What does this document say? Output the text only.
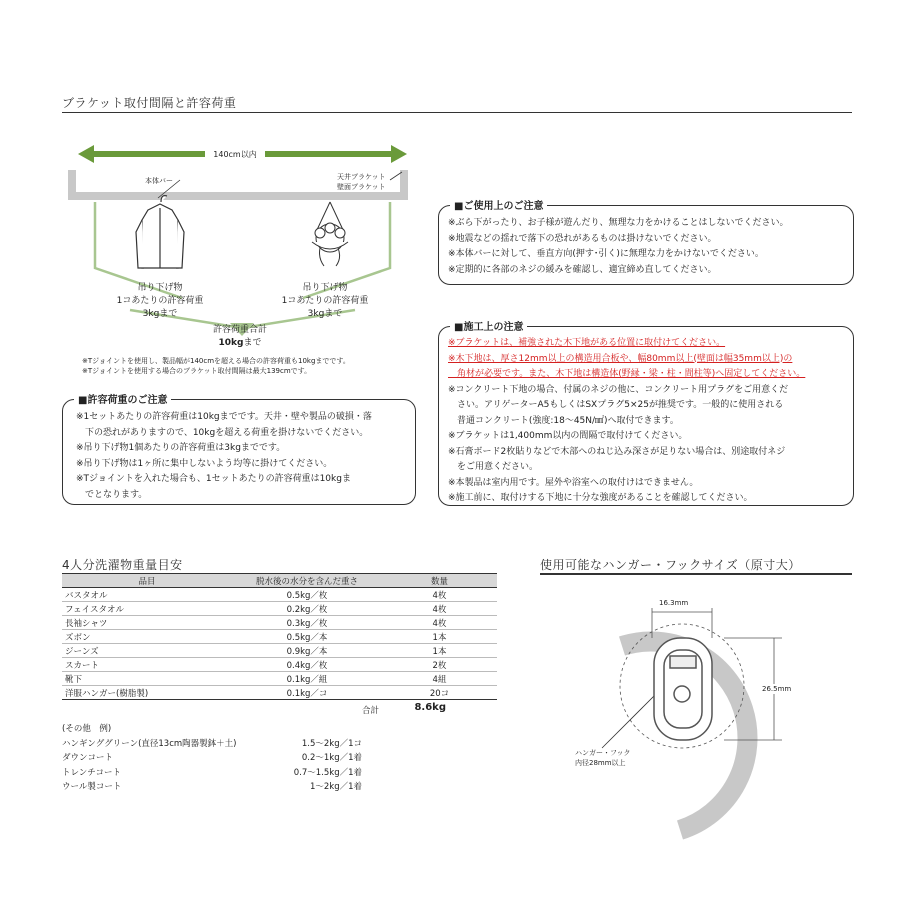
ブラケット取付間隔と許容荷重
140cm以内
本体バー	天井ブラケット
壁面ブラケット
吊り下げ物
1コあたりの許容荷重
3kgまで
吊り下げ物
1コあたりの許容荷重
3kgまで
許容荷重合計
10kgまで
※Tジョイントを使用し、製品幅が140cmを超える場合の許容荷重も10kgまでです。
※Tジョイントを使用する場合のブラケット取付間隔は最大139cmです。
■許容荷重のご注意
※1セットあたりの許容荷重は10kgまでです。天井・壁や製品の破損・落
　下の恐れがありますので、10kgを超える荷重を掛けないでください。
※吊り下げ物1個あたりの許容荷重は3kgまでです。
※吊り下げ物は1ヶ所に集中しないよう均等に掛けてください。
※Tジョイントを入れた場合も、1セットあたりの許容荷重は10kgま
　でとなります。
■ご使用上のご注意
※ぶら下がったり、お子様が遊んだり、無理な力をかけることはしないでください。
※地震などの揺れで落下の恐れがあるものは掛けないでください。
※本体バーに対して、垂直方向(押す･引く)に無理な力をかけないでください。
※定期的に各部のネジの緩みを確認し、適宜締め直してください。
■施工上の注意
※ブラケットは、補強された木下地がある位置に取付けてください。
※木下地は、厚さ12mm以上の構造用合板や、幅80mm以上(壁面は幅35mm以上)の
　角材が必要です。また、木下地は構造体(野縁・梁・柱・間柱等)へ固定してください。
※コンクリート下地の場合、付属のネジの他に、コンクリート用プラグをご用意くだ
　さい。アリゲーターA5もしくはSXプラグ5×25が推奨です。一般的に使用される
　普通コンクリート(強度:18～45N/㎟)へ取付できます。
※ブラケットは1,400mm以内の間隔で取付けてください。
※石膏ボード2枚貼りなどで木部へのねじ込み深さが足りない場合は、別途取付ネジ
　をご用意ください。
※本製品は室内用です。屋外や浴室への取付けはできません。
※施工前に、取付けする下地に十分な強度があることを確認してください。
4人分洗濯物重量目安
品目	脱水後の水分を含んだ重さ	数量
バスタオル	0.5kg／枚	4枚
フェイスタオル	0.2kg／枚	4枚
長袖シャツ	0.3kg／枚	4枚
ズボン	0.5kg／本	1本
ジーンズ	0.9kg／本	1本
スカート	0.4kg／枚	2枚
靴下	0.1kg／組	4組
洋服ハンガー(樹脂製)	0.1kg／コ	20コ
合計	8.6kg
(その他　例)
ハンギンググリーン(直径13cm陶器製鉢＋土)	1.5～2kg／1コ
ダウンコート	0.2～1kg／1着
トレンチコート	0.7～1.5kg／1着
ウール製コート	1～2kg／1着
使用可能なハンガー・フックサイズ（原寸大）
16.3mm
26.5mm
ハンガー・フック
内径28mm以上
